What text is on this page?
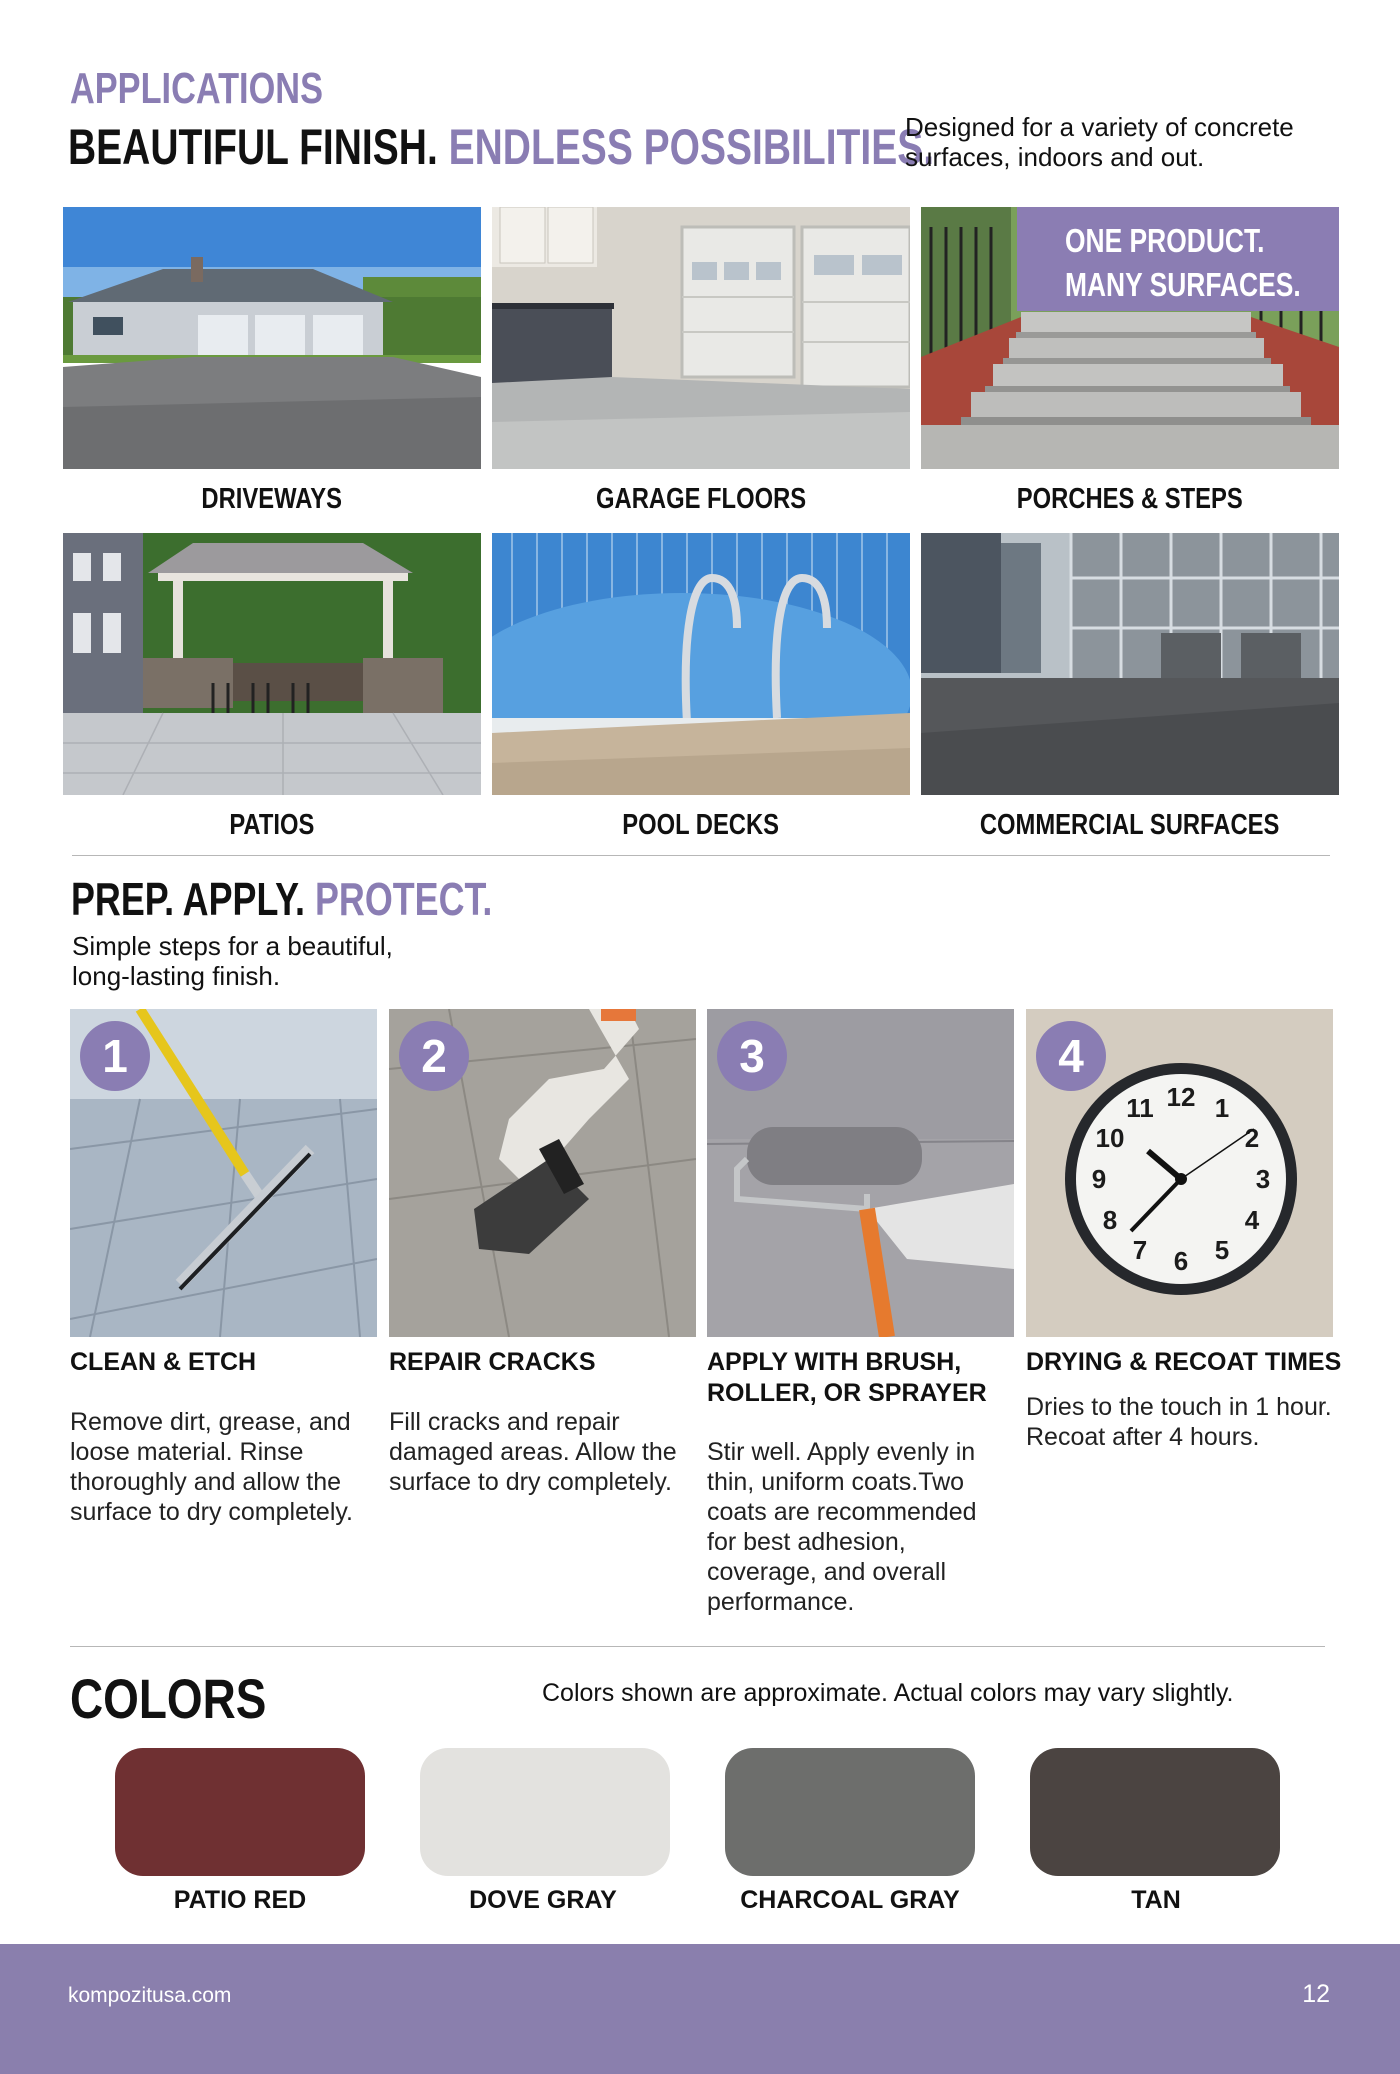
APPLICATIONS
BEAUTIFUL FINISH. ENDLESS POSSIBILITIES.
Designed for a variety of concrete surfaces, indoors and out.
ONE PRODUCT.
MANY SURFACES.
DRIVEWAYS	GARAGE FLOORS	PORCHES & STEPS
PATIOS	POOL DECKS	COMMERCIAL SURFACES
PREP. APPLY. PROTECT.
Simple steps for a beautiful, long-lasting finish.
1	2	3
12 1
2
3
4
5
6
7
8
9
10
11
4
CLEAN & ETCH	REPAIR CRACKS	APPLY WITH BRUSH, ROLLER, OR SPRAYER
DRYING & RECOAT TIMES
Remove dirt, grease, and loose material. Rinse thoroughly and allow the surface to dry completely.
Fill cracks and repair damaged areas. Allow the surface to dry completely.
Stir well. Apply evenly in thin, uniform coats.Two coats are recommended for best adhesion, coverage, and overall performance.
Dries to the touch in 1 hour. Recoat after 4 hours.
COLORS	Colors shown are approximate. Actual colors may vary slightly.
PATIO RED	DOVE GRAY	CHARCOAL GRAY	TAN
kompozitusa.com	12
